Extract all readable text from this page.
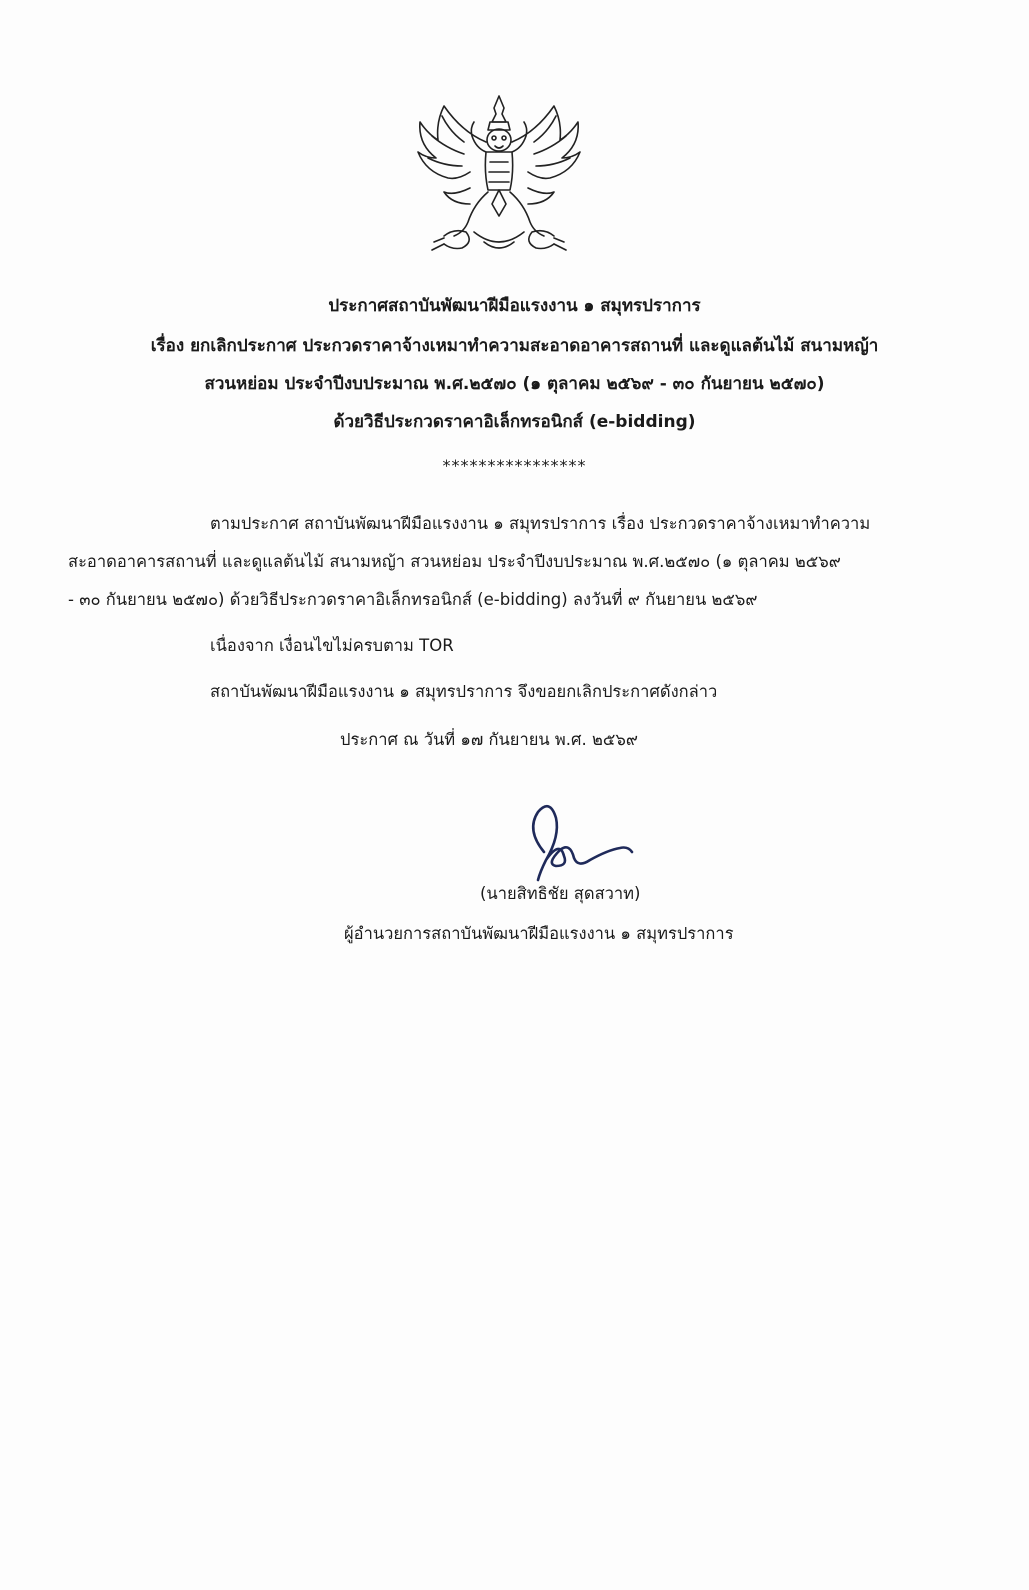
ประกาศสถาบันพัฒนาฝีมือแรงงาน ๑ สมุทรปราการ
เรื่อง ยกเลิกประกาศ ประกวดราคาจ้างเหมาทำความสะอาดอาคารสถานที่ และดูแลต้นไม้ สนามหญ้า
สวนหย่อม ประจำปีงบประมาณ พ.ศ.๒๕๗๐ (๑ ตุลาคม ๒๕๖๙ - ๓๐ กันยายน ๒๕๗๐)
ด้วยวิธีประกวดราคาอิเล็กทรอนิกส์ (e-bidding)
****************
ตามประกาศ สถาบันพัฒนาฝีมือแรงงาน ๑ สมุทรปราการ เรื่อง ประกวดราคาจ้างเหมาทำความ
สะอาดอาคารสถานที่ และดูแลต้นไม้ สนามหญ้า สวนหย่อม ประจำปีงบประมาณ พ.ศ.๒๕๗๐ (๑ ตุลาคม ๒๕๖๙
- ๓๐ กันยายน ๒๕๗๐) ด้วยวิธีประกวดราคาอิเล็กทรอนิกส์ (e-bidding) ลงวันที่ ๙ กันยายน ๒๕๖๙
เนื่องจาก เงื่อนไขไม่ครบตาม TOR
สถาบันพัฒนาฝีมือแรงงาน ๑ สมุทรปราการ จึงขอยกเลิกประกาศดังกล่าว
ประกาศ ณ วันที่ ๑๗ กันยายน พ.ศ. ๒๕๖๙
(นายสิทธิชัย สุดสวาท)
ผู้อำนวยการสถาบันพัฒนาฝีมือแรงงาน ๑ สมุทรปราการ
